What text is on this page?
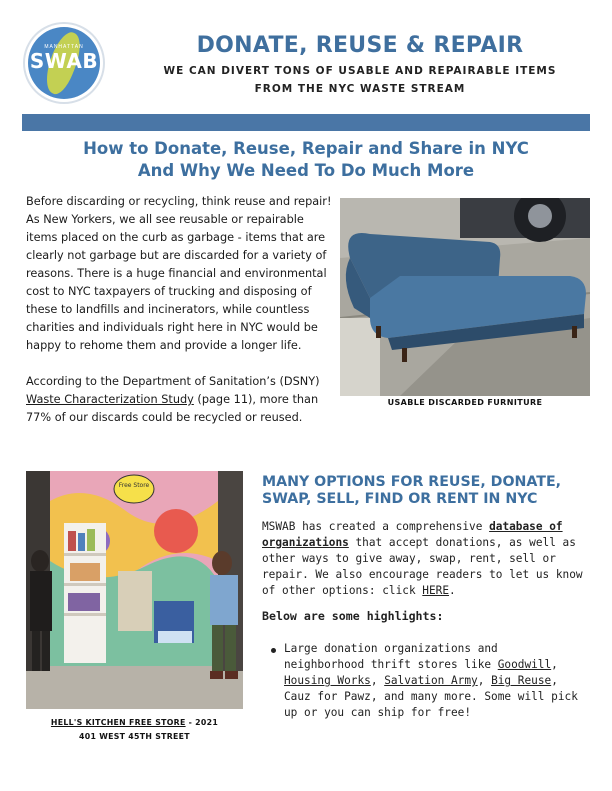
MANHATTAN
SWAB
DONATE, REUSE & REPAIR
WE CAN DIVERT TONS OF USABLE AND REPAIRABLE ITEMS
FROM THE NYC WASTE STREAM
How to Donate, Reuse, Repair and Share in NYC
And Why We Need To Do Much More

Before discarding or recycling, think reuse and repair! As New Yorkers, we all see reusable or repairable items placed on the curb as garbage - items that are clearly not garbage but are discarded for a variety of reasons. There is a huge financial and environmental cost to NYC taxpayers of trucking and disposing of these to landfills and incinerators, while countless charities and individuals right here in NYC would be happy to rehome them and provide a longer life.

According to the Department of Sanitation’s (DSNY) Waste Characterization Study (page 11), more than 77% of our discards could be recycled or reused.

USABLE DISCARDED FURNITURE
Free Store
HELL'S KITCHEN FREE STORE - 2021
401 WEST 45TH STREET
MANY OPTIONS FOR REUSE, DONATE, SWAP, SELL, FIND OR RENT IN NYC
MSWAB has created a comprehensive database of organizations that accept donations, as well as other ways to give away, swap, rent, sell or repair. We also encourage readers to let us know of other options: click HERE.
Below are some highlights:
Large donation organizations and neighborhood thrift stores like Goodwill, Housing Works, Salvation Army, Big Reuse, Cauz for Pawz, and many more. Some will pick up or you can ship for free!
